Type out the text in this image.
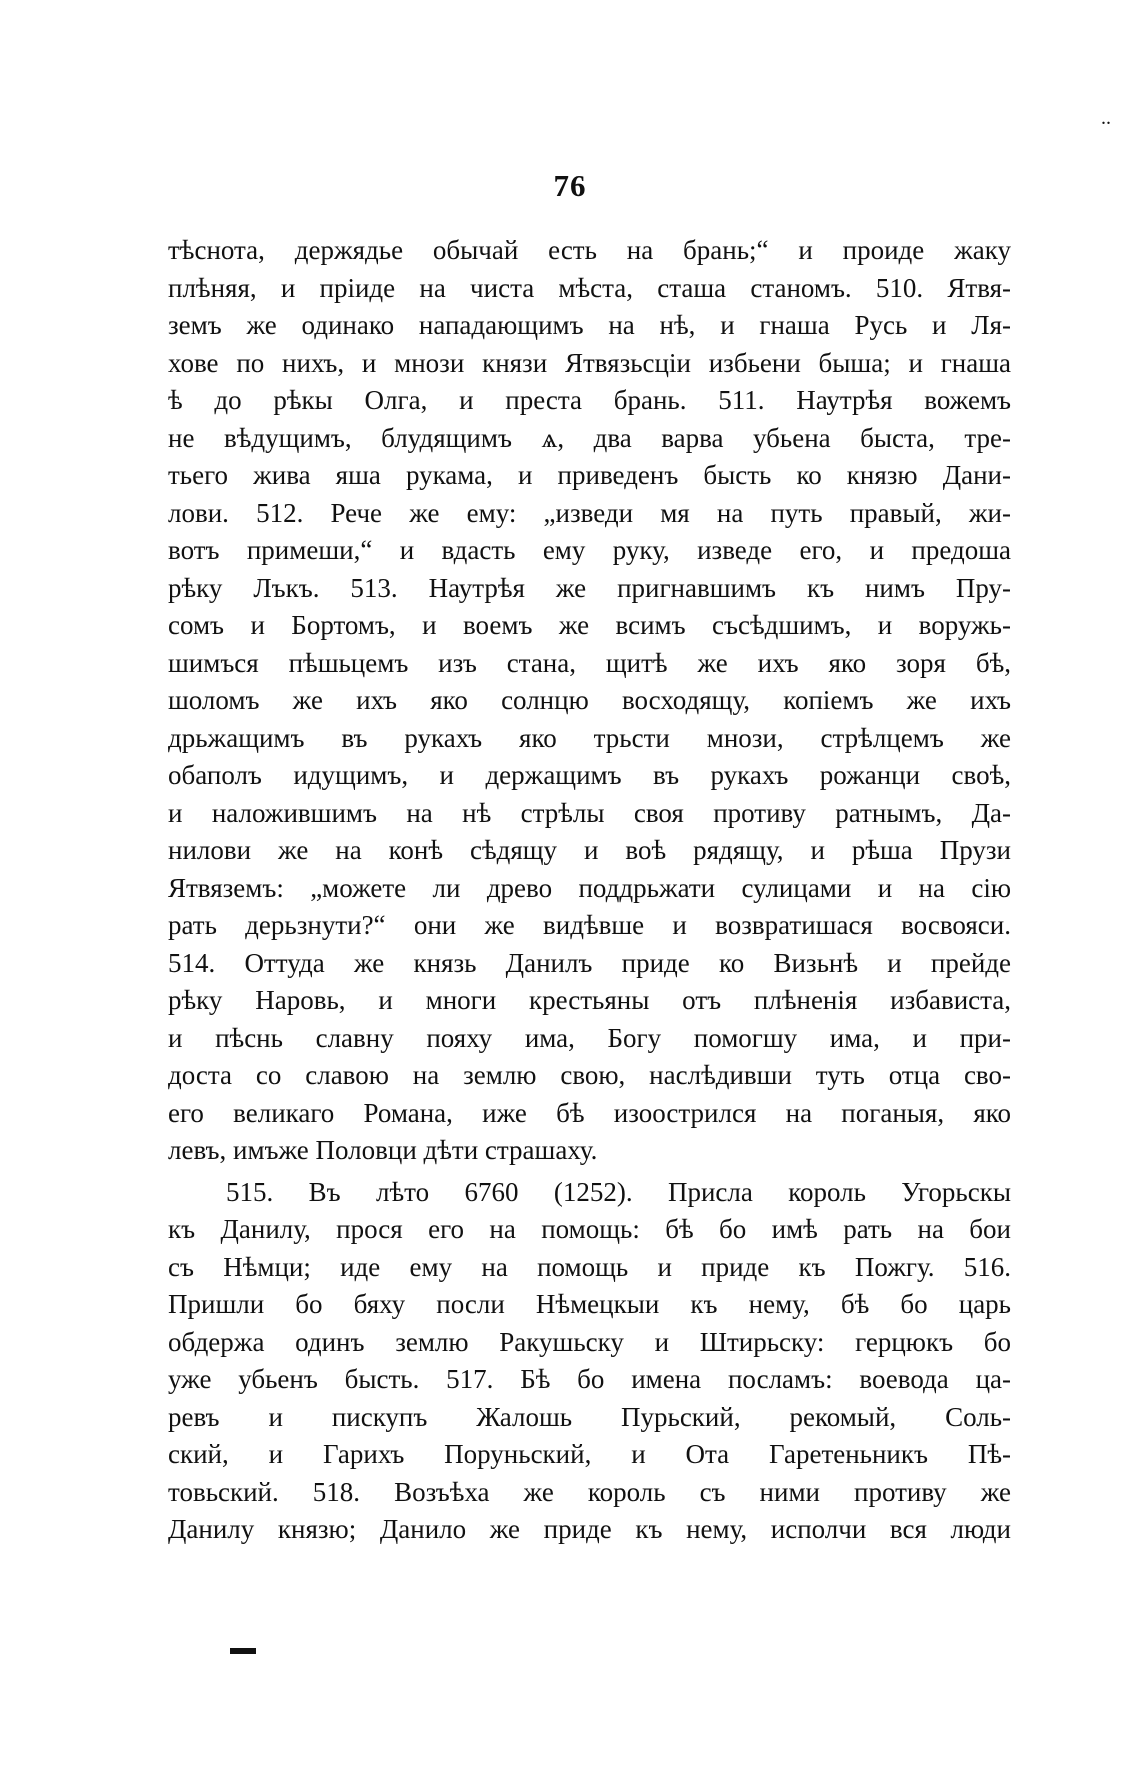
..
76
тѣснота, держядье обычай есть на брань;“ и проиде жаку
плѣняя, и пріиде на чиста мѣста, сташа станомъ. 510. Ятвя-
земъ же одинако нападающимъ на нѣ, и гнаша Русь и Ля-
хове по нихъ, и мнози князи Ятвязьсціи избьени быша; и гнаша
ѣ до рѣкы Олга, и преста брань. 511. Наутрѣя вожемъ
не вѣдущимъ, блудящимъ ѧ, два варва убьена быста, тре-
тьего жива яша рукама, и приведенъ бысть ко князю Дани-
лови. 512. Рече же ему: „изведи мя на путь правый, жи-
вотъ примеши,“ и вдасть ему руку, изведе его, и предоша
рѣку Лъкъ. 513. Наутрѣя же пригнавшимъ къ нимъ Пру-
сомъ и Бортомъ, и воемъ же всимъ съсѣдшимъ, и воружь-
шимъся пѣшьцемъ изъ стана, щитѣ же ихъ яко зоря бѣ,
шоломъ же ихъ яко солнцю восходящу, копіемъ же ихъ
дрьжащимъ въ рукахъ яко трьсти мнози, стрѣлцемъ же
обаполъ идущимъ, и держащимъ въ рукахъ рожанци своѣ,
и наложившимъ на нѣ стрѣлы своя противу ратнымъ, Да-
нилови же на конѣ сѣдящу и воѣ рядящу, и рѣша Прузи
Ятвяземъ: „можете ли древо поддрьжати сулицами и на сію
рать дерьзнути?“ они же видѣвше и возвратишася восвояси.
514. Оттуда же князь Данилъ приде ко Визьнѣ и прейде
рѣку Наровь, и многи крестьяны отъ плѣненія избависта,
и пѣснь славну пояху има, Богу помогшу има, и при-
доста со славою на землю свою, наслѣдивши туть отца сво-
его великаго Романа, иже бѣ изоострился на поганыя, яко
левъ, имъже Половци дѣти страшаху.
515. Въ лѣто 6760 (1252). Присла король Угорьскы
къ Данилу, прося его на помощь: бѣ бо имѣ рать на бои
съ Нѣмци; иде ему на помощь и приде къ Пожгу. 516.
Пришли бо бяху посли Нѣмецкыи къ нему, бѣ бо царь
обдержа одинъ землю Ракушьску и Штирьску: герцюкъ бо
уже убьенъ бысть. 517. Бѣ бо имена посламъ: воевода ца-
ревъ и пискупъ Жалошь Пурьский, рекомый, Соль-
ский, и Гарихъ Поруньский, и Ота Гаретеньникъ Пѣ-
товьский. 518. Возъѣха же король съ ними противу же
Данилу князю; Данило же приде къ нему, исполчи вся люди
